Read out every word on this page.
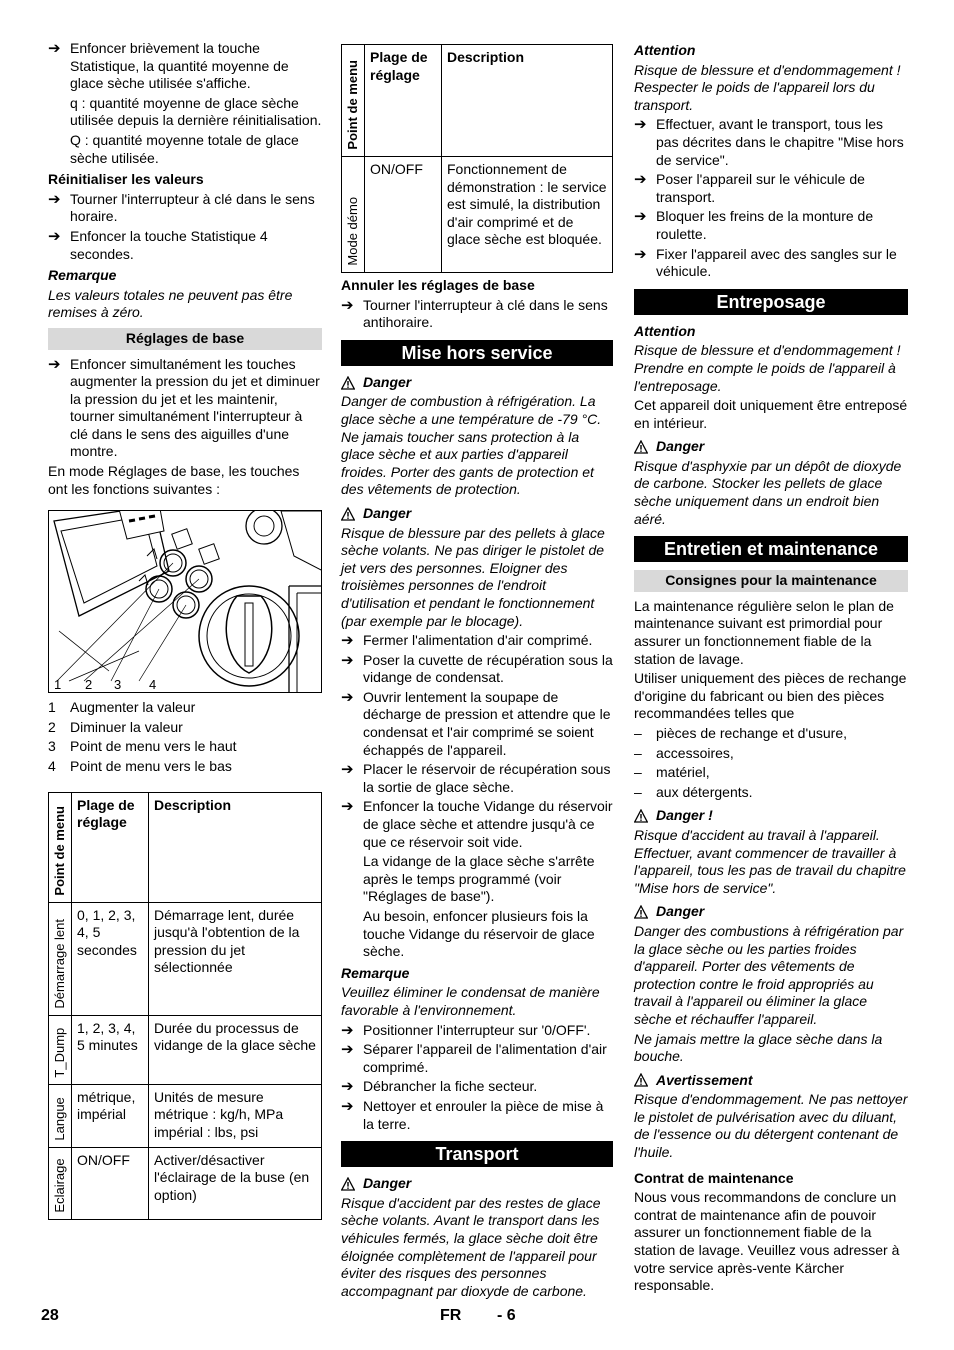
➔ Enfoncer brièvement la touche Statistique, la quantité moyenne de glace sèche utilisée s'affiche.

q : quantité moyenne de glace sèche utilisée depuis la dernière réinitialisation.

Q : quantité moyenne totale de glace sèche utilisée.

Réinitialiser les valeurs
➔ Tourner l'interrupteur à clé dans le sens horaire.
➔ Enfoncer la touche Statistique 4 secondes.
Remarque

Les valeurs totales ne peuvent pas être remises à zéro.

Réglages de base
➔ Enfoncer simultanément les touches augmenter la pression du jet et diminuer la pression du jet et les maintenir, tourner simultanément l'interrupteur à clé dans le sens des aiguilles d'une montre.

En mode Réglages de base, les touches ont les fonctions suivantes :

1 2 3 4
1	Augmenter la valeur
2	Diminuer la valeur
3	Point de menu vers le haut
4	Point de menu vers le bas
Point de menu	Plage de réglage	Description

Démarrage lent	0, 1, 2, 3, 4, 5 secondes	Démarrage lent, durée jusqu'à l'obtention de la pression du jet sélectionnée

T_Dump	1, 2, 3, 4, 5 minutes	Durée du processus de vidange de la glace sèche

Langue	métrique, impérial	Unités de mesure métrique : kg/h, MPa impérial : lbs, psi

Eclairage	ON/OFF	Activer/désactiver l'éclairage de la buse (en option)
Point de menu	Plage de réglage	Description

Mode démo	ON/OFF	Fonctionnement de démonstration : le service est simulé, la distribution d'air comprimé et de glace sèche est bloquée.
Annuler les réglages de base
➔ Tourner l'interrupteur à clé dans le sens antihoraire.
Mise hors service
Danger

Danger de combustion à réfrigération. La glace sèche a une température de -79 °C. Ne jamais toucher sans protection à la glace sèche et aux parties d'appareil froides. Porter des gants de protection et des vêtements de protection.

Danger

Risque de blessure par des pellets à glace sèche volants. Ne pas diriger le pistolet de jet vers des personnes. Eloigner des troisièmes personnes de l'endroit d'utilisation et pendant le fonctionnement (par exemple par le blocage).

➔ Fermer l'alimentation d'air comprimé.
➔ Poser la cuvette de récupération sous la vidange de condensat.
➔ Ouvrir lentement la soupape de décharge de pression et attendre que le condensat et l'air comprimé se soient échappés de l'appareil.
➔ Placer le réservoir de récupération sous la sortie de glace sèche.
➔ Enfoncer la touche Vidange du réservoir de glace sèche et attendre jusqu'à ce que ce réservoir soit vide.

La vidange de la glace sèche s'arrête après le temps programmé (voir "Réglages de base").

Au besoin, enfoncer plusieurs fois la touche Vidange du réservoir de glace sèche.

Remarque

Veuillez éliminer le condensat de manière favorable à l'environnement.

➔ Positionner l'interrupteur sur '0/OFF'.
➔ Séparer l'appareil de l'alimentation d'air comprimé.
➔ Débrancher la fiche secteur.
➔ Nettoyer et enrouler la pièce de mise à la terre.
Transport
Danger

Risque d'accident par des restes de glace sèche volants. Avant le transport dans les véhicules fermés, la glace sèche doit être éloignée complètement de l'appareil pour éviter des risques des personnes accompagnant par dioxyde de carbone.

Attention

Risque de blessure et d'endommagement ! Respecter le poids de l'appareil lors du transport.

➔ Effectuer, avant le transport, tous les pas décrites dans le chapitre "Mise hors de service".
➔ Poser l'appareil sur le véhicule de transport.
➔ Bloquer les freins de la monture de roulette.
➔ Fixer l'appareil avec des sangles sur le véhicule.
Entreposage
Attention

Risque de blessure et d'endommagement ! Prendre en compte le poids de l'appareil à l'entreposage.

Cet appareil doit uniquement être entreposé en intérieur.

Danger

Risque d'asphyxie par un dépôt de dioxyde de carbone. Stocker les pellets de glace sèche uniquement dans un endroit bien aéré.

Entretien et maintenance
Consignes pour la maintenance

La maintenance régulière selon le plan de maintenance suivant est primordial pour assurer un fonctionnement fiable de la station de lavage.

Utiliser uniquement des pièces de rechange d'origine du fabricant ou bien des pièces recommandées telles que

–	pièces de rechange et d'usure,
–	accessoires,
–	matériel,
–	aux détergents.
Danger !

Risque d'accident au travail à l'appareil. Effectuer, avant commencer de travailler à l'appareil, tous les pas de travail du chapitre "Mise hors de service".

Danger

Danger des combustions à réfrigération par la glace sèche ou les parties froides d'appareil. Porter des vêtements de protection contre le froid appropriés au travail à l'appareil ou éliminer la glace sèche et réchauffer l'appareil.

Ne jamais mettre la glace sèche dans la bouche.

Avertissement

Risque d'endommagement. Ne pas nettoyer le pistolet de pulvérisation avec du diluant, de l'essence ou du détergent contenant de l'huile.

Contrat de maintenance

Nous vous recommandons de conclure un contrat de maintenance afin de pouvoir assurer un fonctionnement fiable de la station de lavage. Veuillez vous adresser à votre service après-vente Kärcher responsable.

28	FR - 6
